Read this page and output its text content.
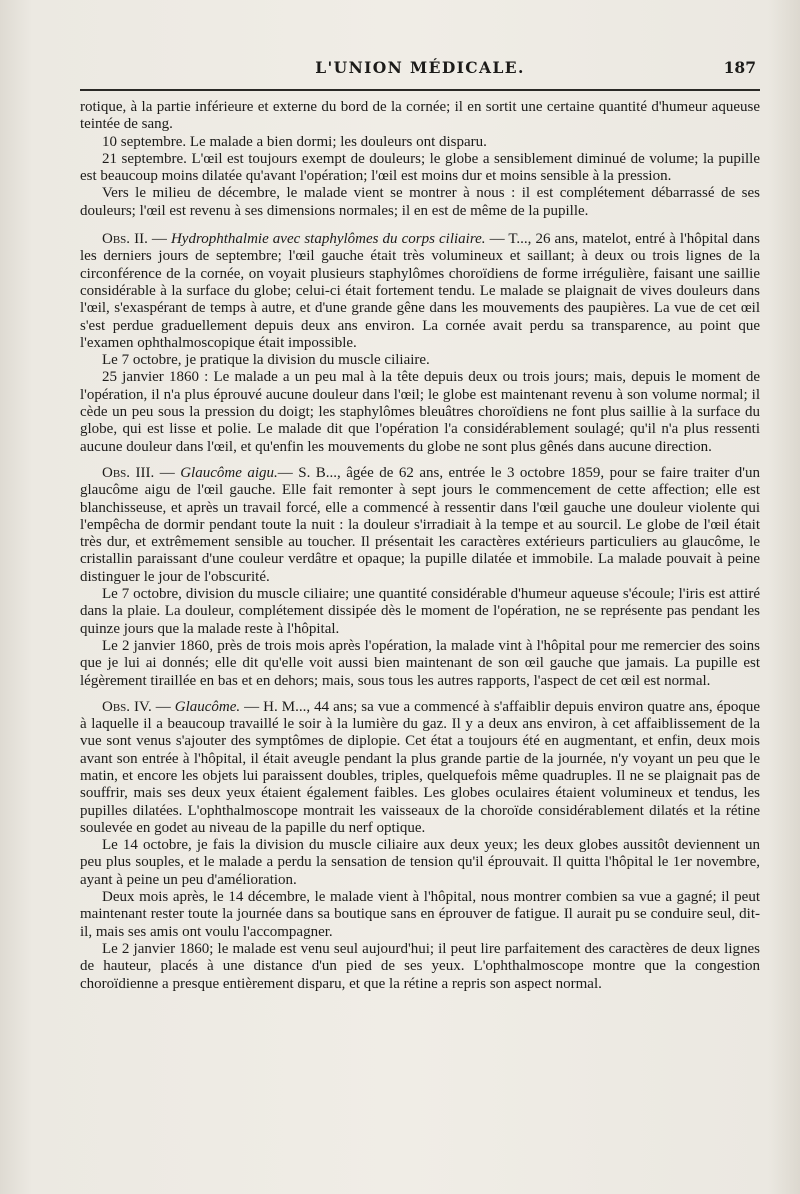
L'UNION MÉDICALE.	187

rotique, à la partie inférieure et externe du bord de la cornée; il en sortit une certaine quantité d'humeur aqueuse teintée de sang.

10 septembre. Le malade a bien dormi; les douleurs ont disparu.

21 septembre. L'œil est toujours exempt de douleurs; le globe a sensiblement diminué de volume; la pupille est beaucoup moins dilatée qu'avant l'opération; l'œil est moins dur et moins sensible à la pression.

Vers le milieu de décembre, le malade vient se montrer à nous : il est complétement débarrassé de ses douleurs; l'œil est revenu à ses dimensions normales; il en est de même de la pupille.

Obs. II. — Hydrophthalmie avec staphylômes du corps ciliaire. — T..., 26 ans, matelot, entré à l'hôpital dans les derniers jours de septembre; l'œil gauche était très volumineux et saillant; à deux ou trois lignes de la circonférence de la cornée, on voyait plusieurs staphylômes choroïdiens de forme irrégulière, faisant une saillie considérable à la surface du globe; celui-ci était fortement tendu. Le malade se plaignait de vives douleurs dans l'œil, s'exaspérant de temps à autre, et d'une grande gêne dans les mouvements des paupières. La vue de cet œil s'est perdue graduellement depuis deux ans environ. La cornée avait perdu sa transparence, au point que l'examen ophthalmoscopique était impossible.

Le 7 octobre, je pratique la division du muscle ciliaire.

25 janvier 1860 : Le malade a un peu mal à la tête depuis deux ou trois jours; mais, depuis le moment de l'opération, il n'a plus éprouvé aucune douleur dans l'œil; le globe est maintenant revenu à son volume normal; il cède un peu sous la pression du doigt; les staphylômes bleuâtres choroïdiens ne font plus saillie à la surface du globe, qui est lisse et polie. Le malade dit que l'opération l'a considérablement soulagé; qu'il n'a plus ressenti aucune douleur dans l'œil, et qu'enfin les mouvements du globe ne sont plus gênés dans aucune direction.

Obs. III. — Glaucôme aigu.— S. B..., âgée de 62 ans, entrée le 3 octobre 1859, pour se faire traiter d'un glaucôme aigu de l'œil gauche. Elle fait remonter à sept jours le commencement de cette affection; elle est blanchisseuse, et après un travail forcé, elle a commencé à ressentir dans l'œil gauche une douleur violente qui l'empêcha de dormir pendant toute la nuit : la douleur s'irradiait à la tempe et au sourcil. Le globe de l'œil était très dur, et extrêmement sensible au toucher. Il présentait les caractères extérieurs particuliers au glaucôme, le cristallin paraissant d'une couleur verdâtre et opaque; la pupille dilatée et immobile. La malade pouvait à peine distinguer le jour de l'obscurité.

Le 7 octobre, division du muscle ciliaire; une quantité considérable d'humeur aqueuse s'écoule; l'iris est attiré dans la plaie. La douleur, complétement dissipée dès le moment de l'opération, ne se représente pas pendant les quinze jours que la malade reste à l'hôpital.

Le 2 janvier 1860, près de trois mois après l'opération, la malade vint à l'hôpital pour me remercier des soins que je lui ai donnés; elle dit qu'elle voit aussi bien maintenant de son œil gauche que jamais. La pupille est légèrement tiraillée en bas et en dehors; mais, sous tous les autres rapports, l'aspect de cet œil est normal.

Obs. IV. — Glaucôme. — H. M..., 44 ans; sa vue a commencé à s'affaiblir depuis environ quatre ans, époque à laquelle il a beaucoup travaillé le soir à la lumière du gaz. Il y a deux ans environ, à cet affaiblissement de la vue sont venus s'ajouter des symptômes de diplopie. Cet état a toujours été en augmentant, et enfin, deux mois avant son entrée à l'hôpital, il était aveugle pendant la plus grande partie de la journée, n'y voyant un peu que le matin, et encore les objets lui paraissent doubles, triples, quelquefois même quadruples. Il ne se plaignait pas de souffrir, mais ses deux yeux étaient également faibles. Les globes oculaires étaient volumineux et tendus, les pupilles dilatées. L'ophthalmoscope montrait les vaisseaux de la choroïde considérablement dilatés et la rétine soulevée en godet au niveau de la papille du nerf optique.

Le 14 octobre, je fais la division du muscle ciliaire aux deux yeux; les deux globes aussitôt deviennent un peu plus souples, et le malade a perdu la sensation de tension qu'il éprouvait. Il quitta l'hôpital le 1er novembre, ayant à peine un peu d'amélioration.

Deux mois après, le 14 décembre, le malade vient à l'hôpital, nous montrer combien sa vue a gagné; il peut maintenant rester toute la journée dans sa boutique sans en éprouver de fatigue. Il aurait pu se conduire seul, dit-il, mais ses amis ont voulu l'accompagner.

Le 2 janvier 1860; le malade est venu seul aujourd'hui; il peut lire parfaitement des caractères de deux lignes de hauteur, placés à une distance d'un pied de ses yeux. L'ophthalmoscope montre que la congestion choroïdienne a presque entièrement disparu, et que la rétine a repris son aspect normal.
